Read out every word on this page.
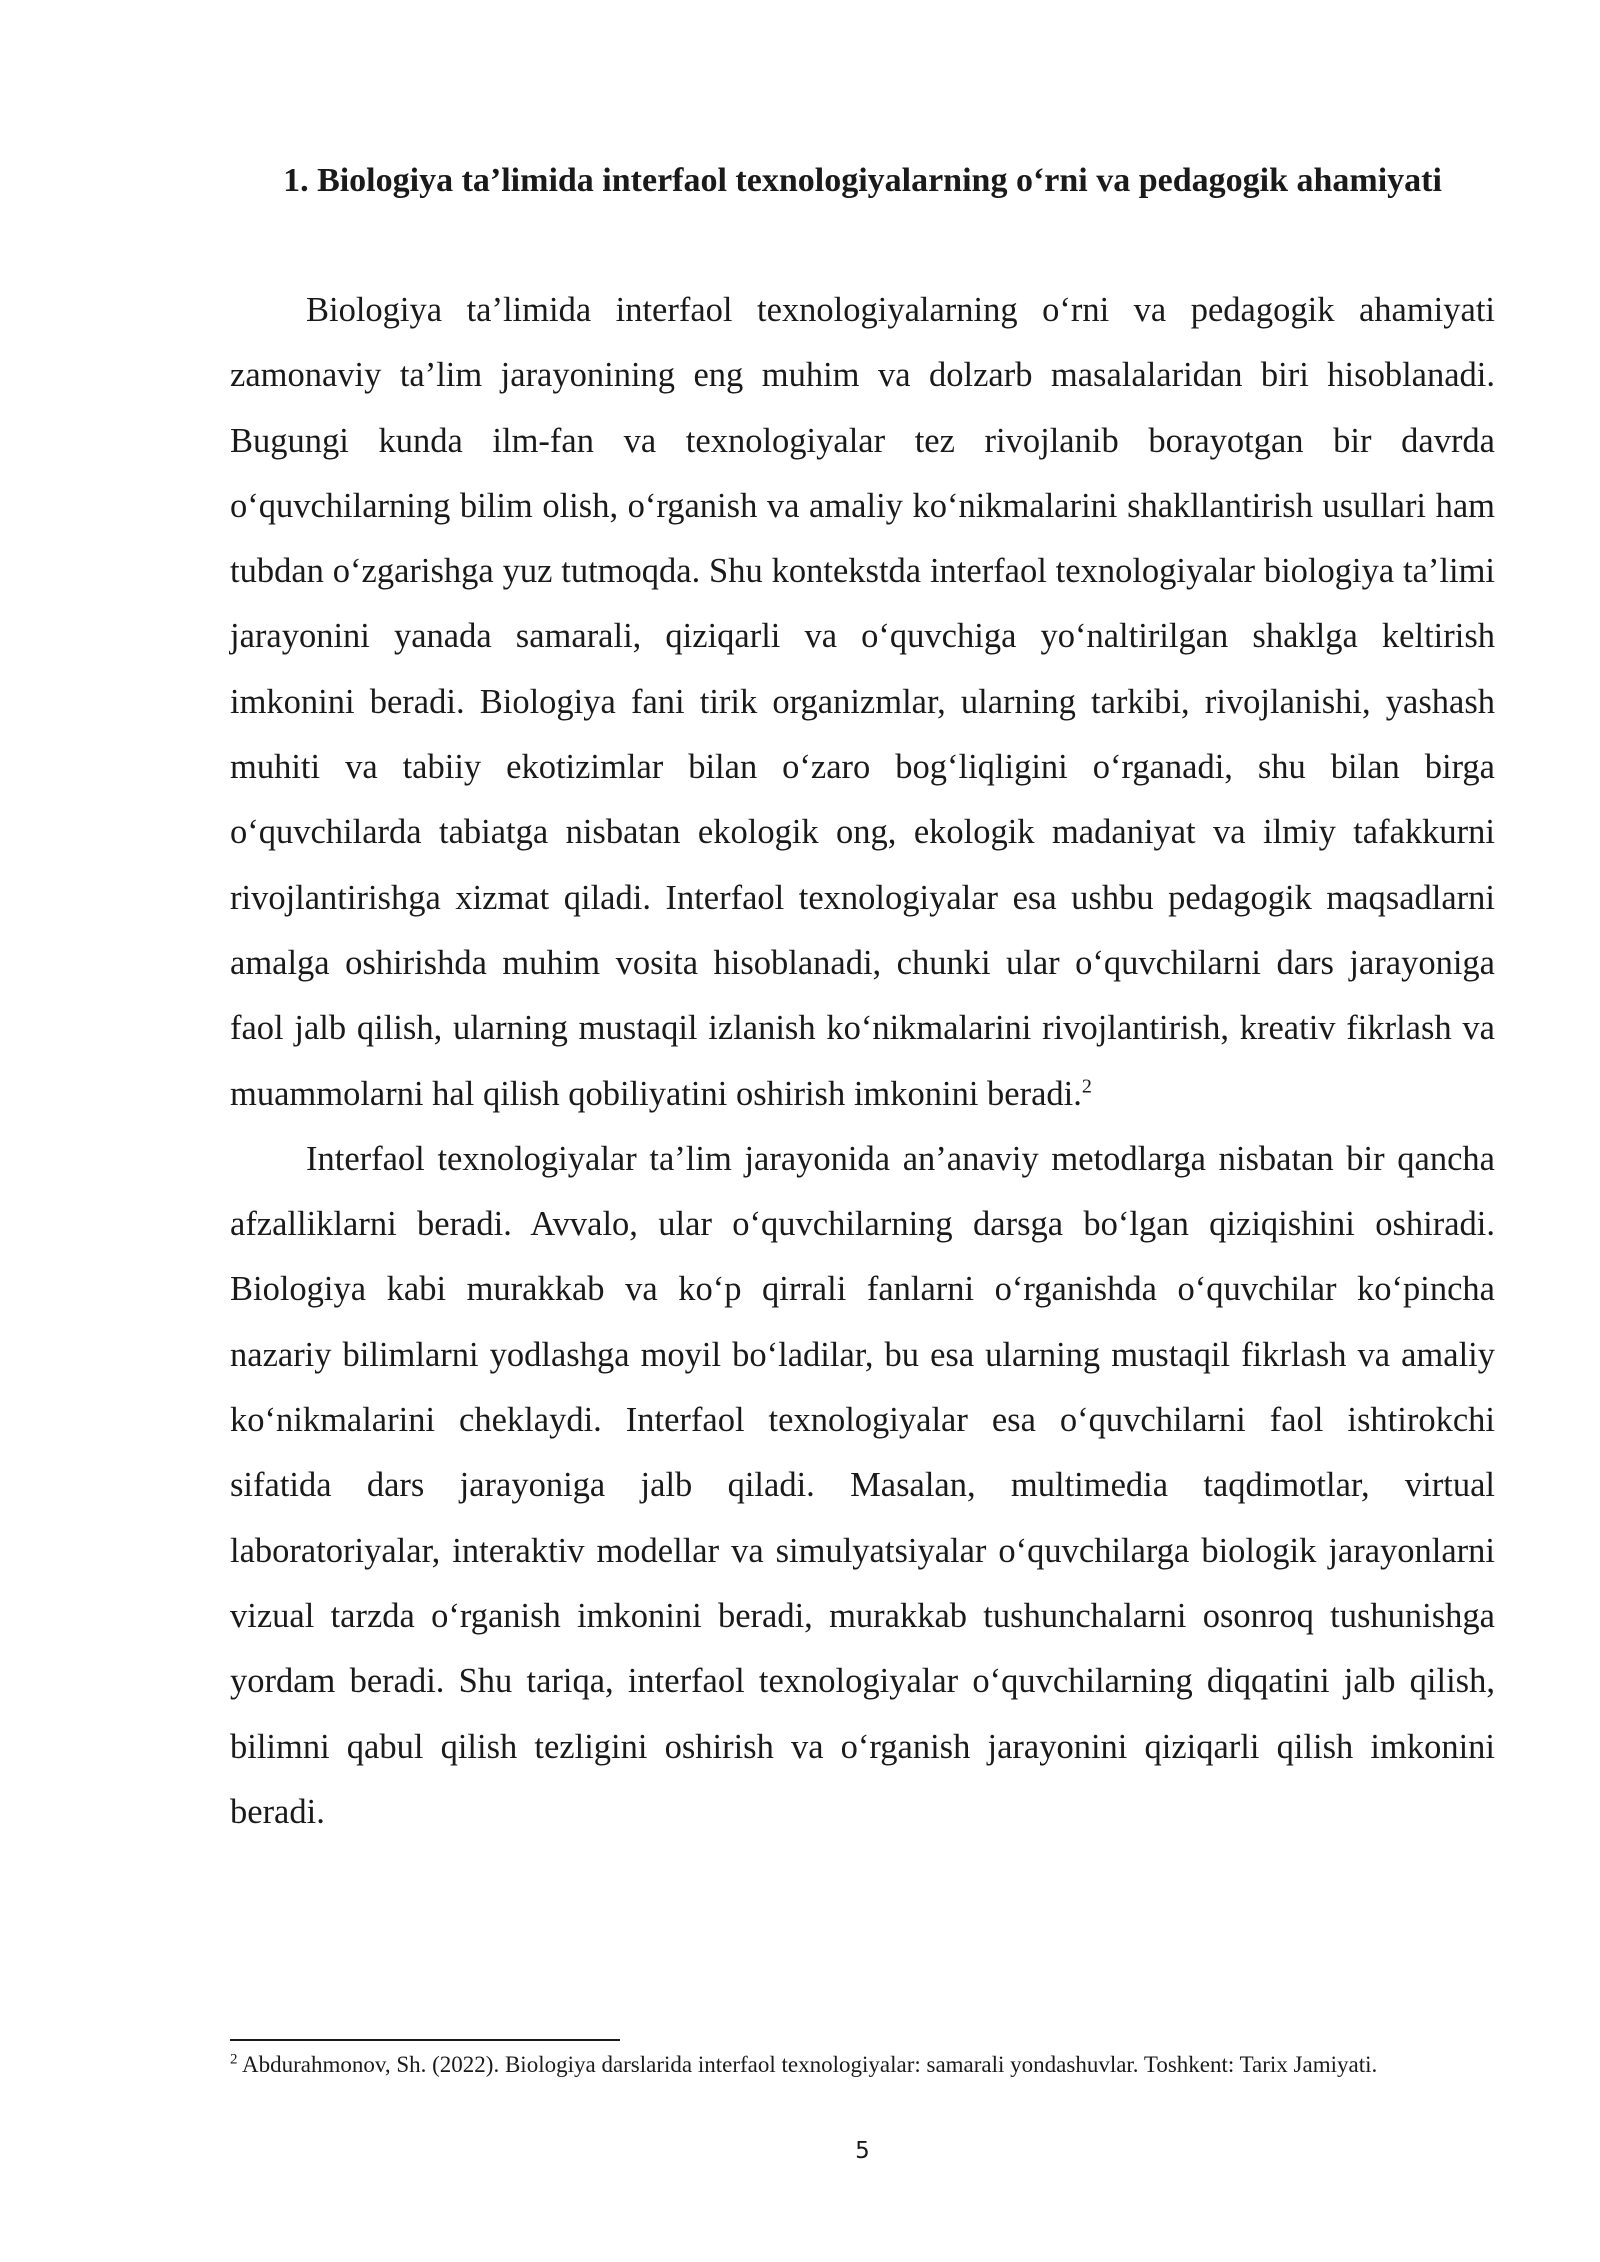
1. Biologiya ta’limida interfaol texnologiyalarning o‘rni va pedagogik ahamiyati

Biologiya ta’limida interfaol texnologiyalarning o‘rni va pedagogik ahamiyati zamonaviy ta’lim jarayonining eng muhim va dolzarb masalalaridan biri hisoblanadi. Bugungi kunda ilm-fan va texnologiyalar tez rivojlanib borayotgan bir davrda o‘quvchilarning bilim olish, o‘rganish va amaliy ko‘nikmalarini shakllantirish usullari ham tubdan o‘zgarishga yuz tutmoqda. Shu kontekstda interfaol texnologiyalar biologiya ta’limi jarayonini yanada samarali, qiziqarli va o‘quvchiga yo‘naltirilgan shaklga keltirish imkonini beradi. Biologiya fani tirik organizmlar, ularning tarkibi, rivojlanishi, yashash muhiti va tabiiy ekotizimlar bilan o‘zaro bog‘liqligini o‘rganadi, shu bilan birga o‘quvchilarda tabiatga nisbatan ekologik ong, ekologik madaniyat va ilmiy tafakkurni rivojlantirishga xizmat qiladi. Interfaol texnologiyalar esa ushbu pedagogik maqsadlarni amalga oshirishda muhim vosita hisoblanadi, chunki ular o‘quvchilarni dars jarayoniga faol jalb qilish, ularning mustaqil izlanish ko‘nikmalarini rivojlantirish, kreativ fikrlash va muammolarni hal qilish qobiliyatini oshirish imkonini beradi.$^2$

Interfaol texnologiyalar ta’lim jarayonida an’anaviy metodlarga nisbatan bir qancha afzalliklarni beradi. Avvalo, ular o‘quvchilarning darsga bo‘lgan qiziqishini oshiradi. Biologiya kabi murakkab va ko‘p qirrali fanlarni o‘rganishda o‘quvchilar ko‘pincha nazariy bilimlarni yodlashga moyil bo‘ladilar, bu esa ularning mustaqil fikrlash va amaliy ko‘nikmalarini cheklaydi. Interfaol texnologiyalar esa o‘quvchilarni faol ishtirokchi sifatida dars jarayoniga jalb qiladi. Masalan, multimedia taqdimotlar, virtual laboratoriyalar, interaktiv modellar va simulyatsiyalar o‘quvchilarga biologik jarayonlarni vizual tarzda o‘rganish imkonini beradi, murakkab tushunchalarni osonroq tushunishga yordam beradi. Shu tariqa, interfaol texnologiyalar o‘quvchilarning diqqatini jalb qilish, bilimni qabul qilish tezligini oshirish va o‘rganish jarayonini qiziqarli qilish imkonini beradi.

$^2$ Abdurahmonov, Sh. (2022). Biologiya darslarida interfaol texnologiyalar: samarali yondashuvlar. Toshkent: Tarix Jamiyati.

5
